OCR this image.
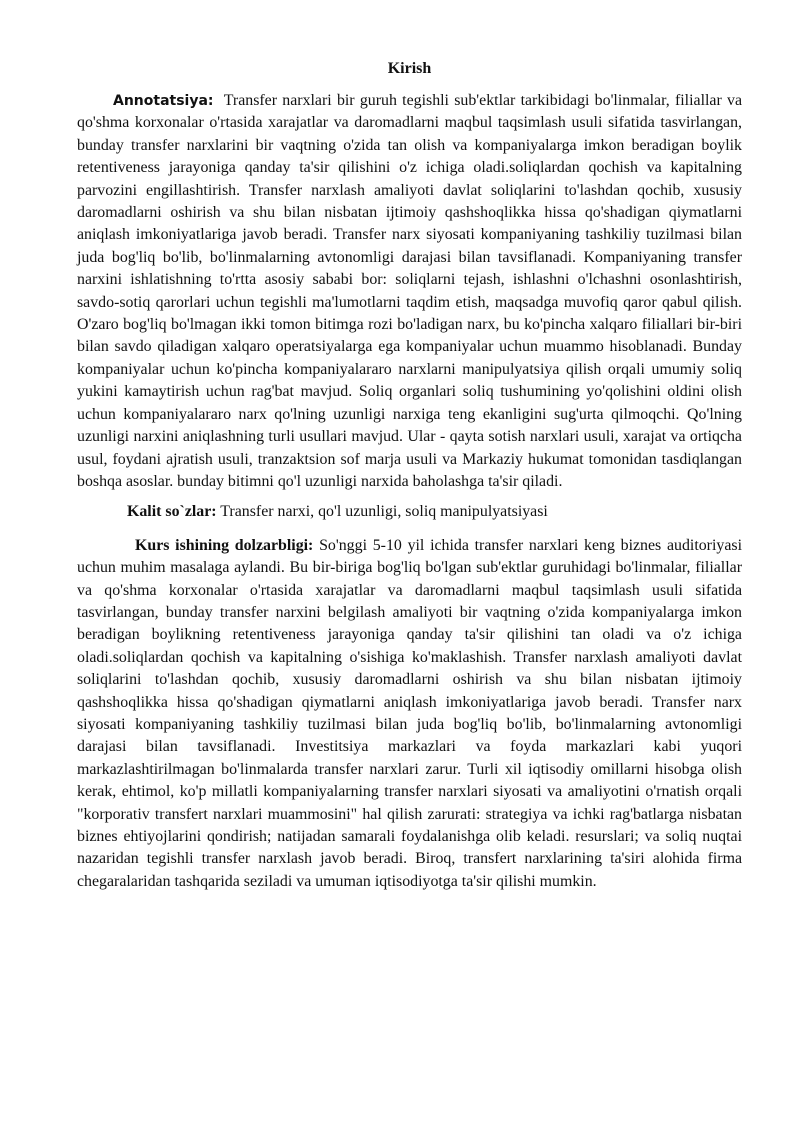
Kirish

Annotatsiya: Transfer narxlari bir guruh tegishli sub'ektlar tarkibidagi bo'linmalar, filiallar va qo'shma korxonalar o'rtasida xarajatlar va daromadlarni maqbul taqsimlash usuli sifatida tasvirlangan, bunday transfer narxlarini bir vaqtning o'zida tan olish va kompaniyalarga imkon beradigan boylik retentiveness jarayoniga qanday ta'sir qilishini o'z ichiga oladi.soliqlardan qochish va kapitalning parvozini engillashtirish. Transfer narxlash amaliyoti davlat soliqlarini to'lashdan qochib, xususiy daromadlarni oshirish va shu bilan nisbatan ijtimoiy qashshoqlikka hissa qo'shadigan qiymatlarni aniqlash imkoniyatlariga javob beradi. Transfer narx siyosati kompaniyaning tashkiliy tuzilmasi bilan juda bog'liq bo'lib, bo'linmalarning avtonomligi darajasi bilan tavsiflanadi. Kompaniyaning transfer narxini ishlatishning to'rtta asosiy sababi bor: soliqlarni tejash, ishlashni o'lchashni osonlashtirish, savdo-sotiq qarorlari uchun tegishli ma'lumotlarni taqdim etish, maqsadga muvofiq qaror qabul qilish. O'zaro bog'liq bo'lmagan ikki tomon bitimga rozi bo'ladigan narx, bu ko'pincha xalqaro filiallari bir-biri bilan savdo qiladigan xalqaro operatsiyalarga ega kompaniyalar uchun muammo hisoblanadi. Bunday kompaniyalar uchun ko'pincha kompaniyalararo narxlarni manipulyatsiya qilish orqali umumiy soliq yukini kamaytirish uchun rag'bat mavjud. Soliq organlari soliq tushumining yo'qolishini oldini olish uchun kompaniyalararo narx qo'lning uzunligi narxiga teng ekanligini sug'urta qilmoqchi. Qo'lning uzunligi narxini aniqlashning turli usullari mavjud. Ular - qayta sotish narxlari usuli, xarajat va ortiqcha usul, foydani ajratish usuli, tranzaktsion sof marja usuli va Markaziy hukumat tomonidan tasdiqlangan boshqa asoslar. bunday bitimni qo'l uzunligi narxida baholashga ta'sir qiladi.

Kalit so`zlar: Transfer narxi, qo'l uzunligi, soliq manipulyatsiyasi

Kurs ishining dolzarbligi: So'nggi 5-10 yil ichida transfer narxlari keng biznes auditoriyasi uchun muhim masalaga aylandi. Bu bir-biriga bog'liq bo'lgan sub'ektlar guruhidagi bo'linmalar, filiallar va qo'shma korxonalar o'rtasida xarajatlar va daromadlarni maqbul taqsimlash usuli sifatida tasvirlangan, bunday transfer narxini belgilash amaliyoti bir vaqtning o'zida kompaniyalarga imkon beradigan boylikning retentiveness jarayoniga qanday ta'sir qilishini tan oladi va o'z ichiga oladi.soliqlardan qochish va kapitalning o'sishiga ko'maklashish. Transfer narxlash amaliyoti davlat soliqlarini to'lashdan qochib, xususiy daromadlarni oshirish va shu bilan nisbatan ijtimoiy qashshoqlikka hissa qo'shadigan qiymatlarni aniqlash imkoniyatlariga javob beradi. Transfer narx siyosati kompaniyaning tashkiliy tuzilmasi bilan juda bog'liq bo'lib, bo'linmalarning avtonomligi darajasi bilan tavsiflanadi. Investitsiya markazlari va foyda markazlari kabi yuqori markazlashtirilmagan bo'linmalarda transfer narxlari zarur. Turli xil iqtisodiy omillarni hisobga olish kerak, ehtimol, ko'p millatli kompaniyalarning transfer narxlari siyosati va amaliyotini o'rnatish orqali "korporativ transfert narxlari muammosini" hal qilish zarurati: strategiya va ichki rag'batlarga nisbatan biznes ehtiyojlarini qondirish; natijadan samarali foydalanishga olib keladi. resurslari; va soliq nuqtai nazaridan tegishli transfer narxlash javob beradi. Biroq, transfert narxlarining ta'siri alohida firma chegaralaridan tashqarida seziladi va umuman iqtisodiyotga ta'sir qilishi mumkin.
